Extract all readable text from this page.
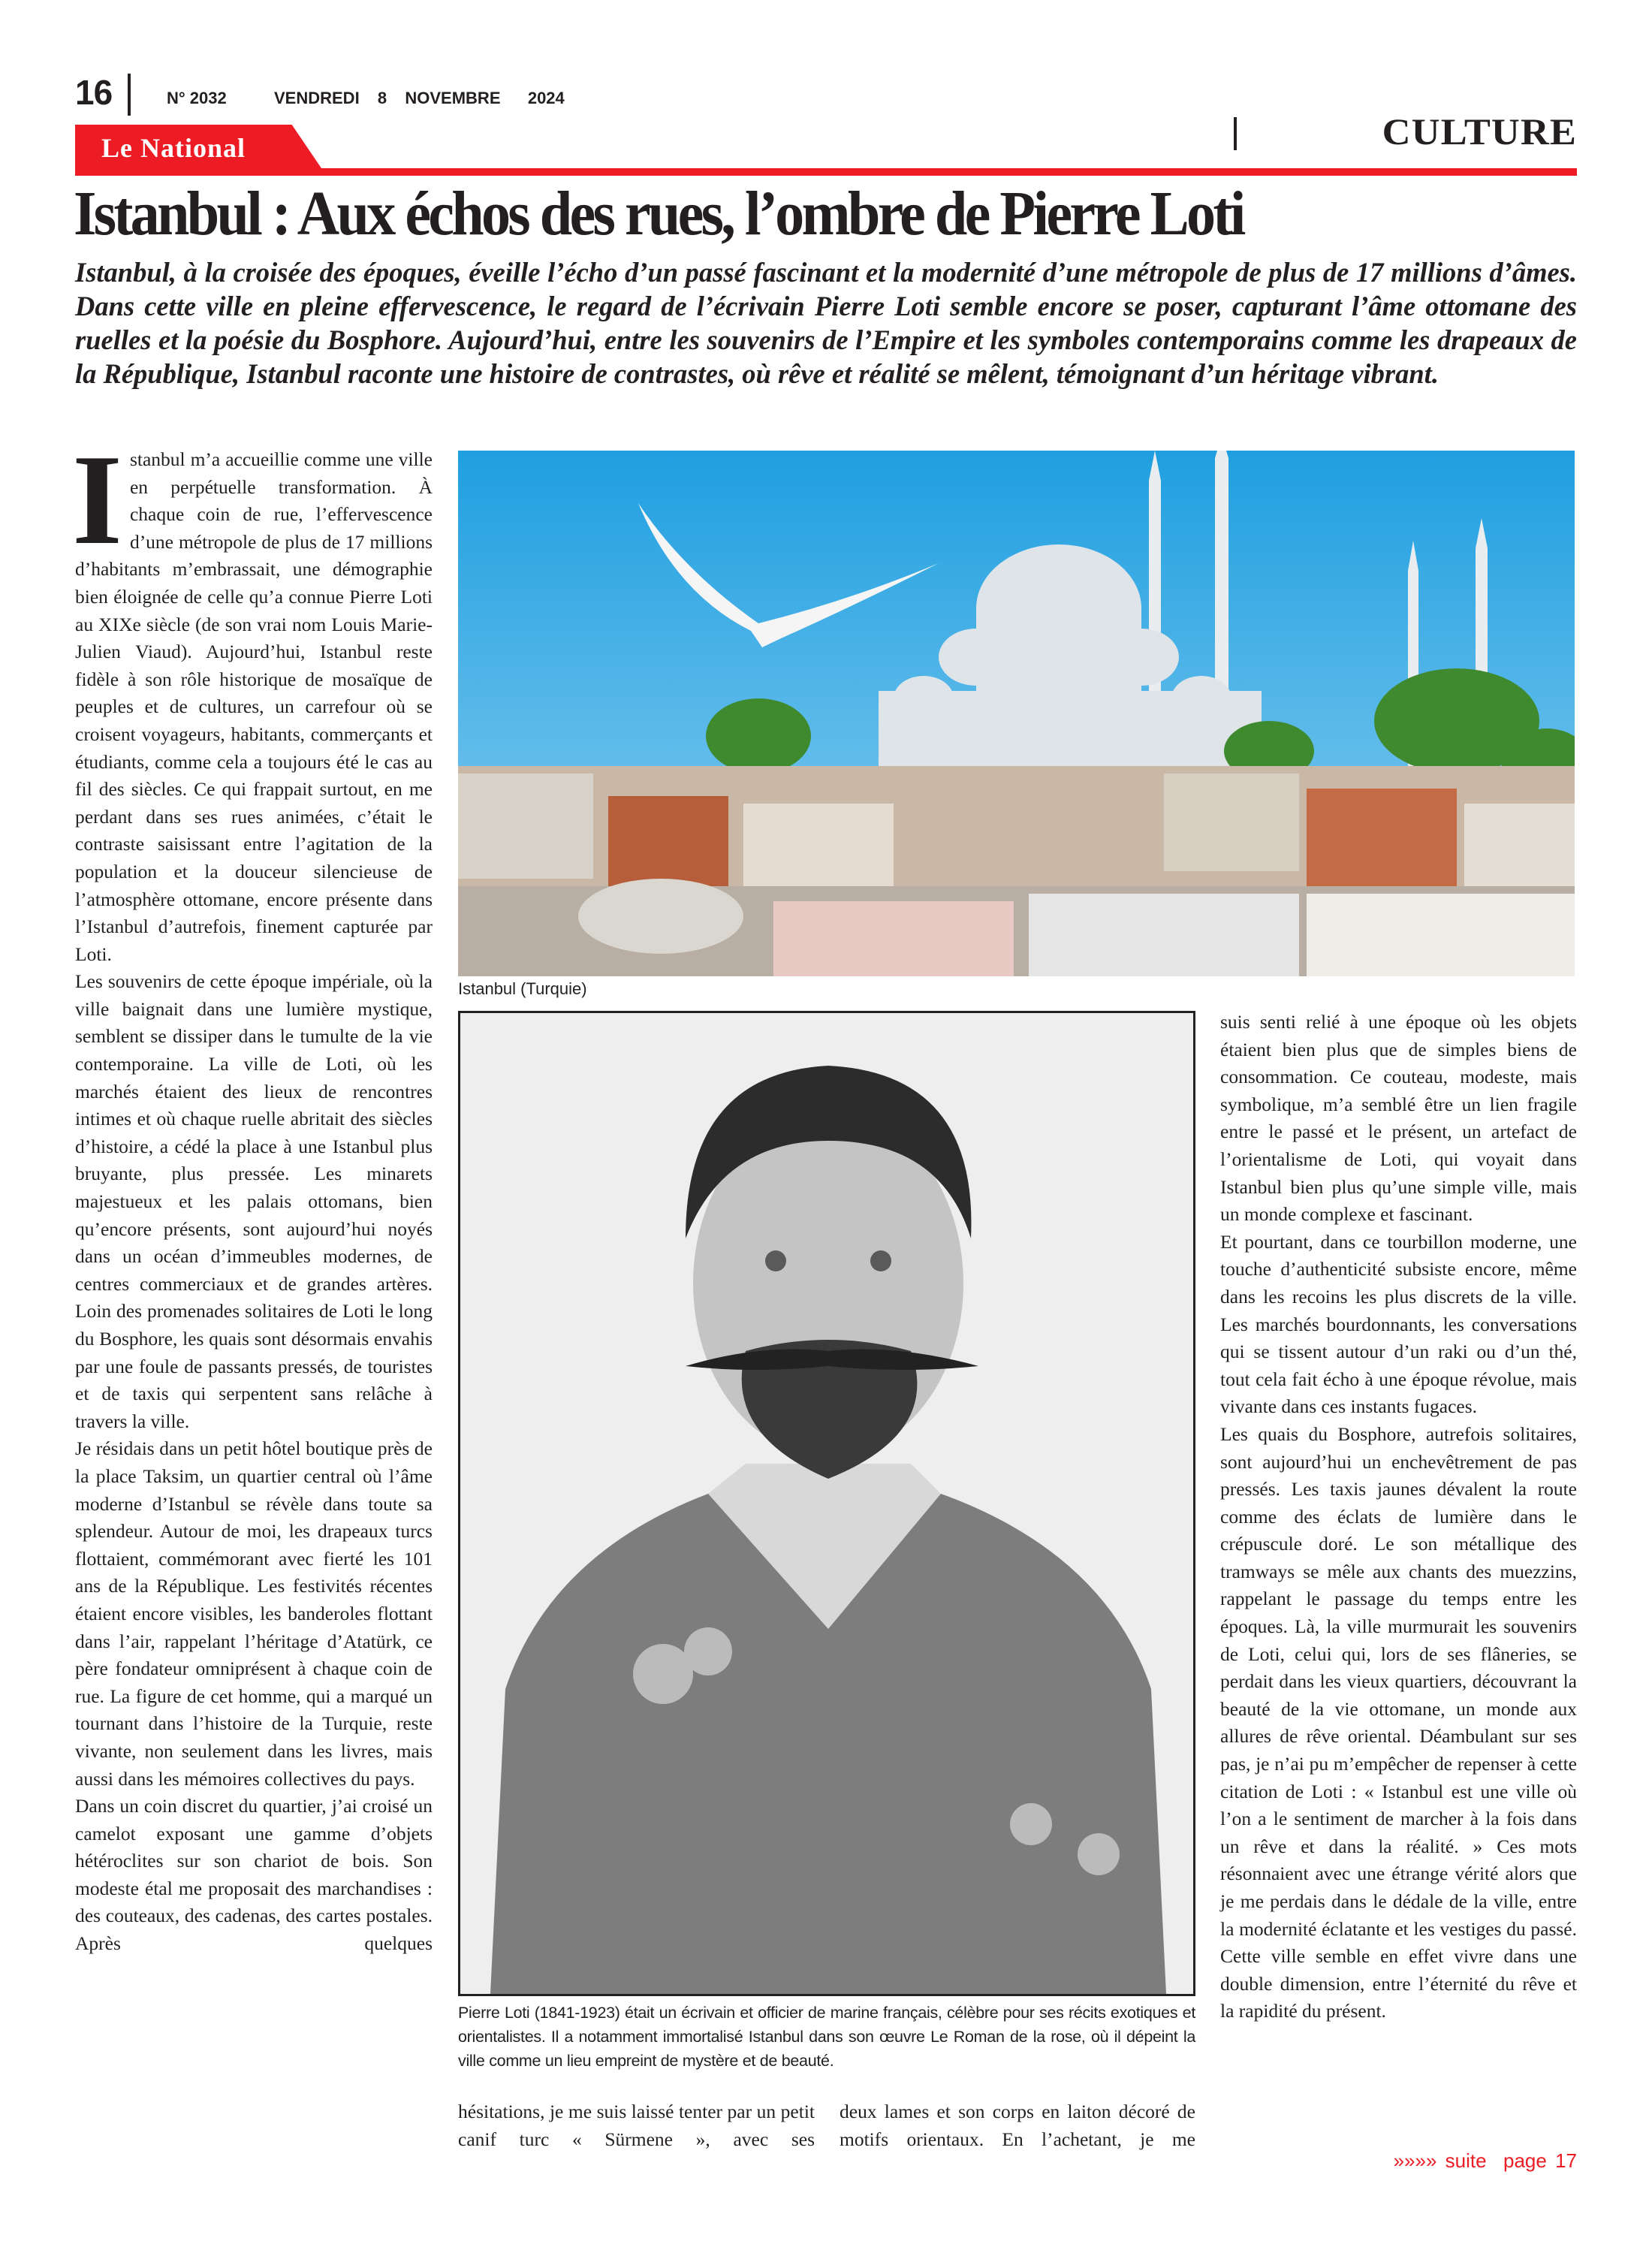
16	N° 2032	VENDREDI  8  NOVEMBRE   2024
Le National	CULTURE
Istanbul : Aux échos des rues, l’ombre de Pierre Loti
Istanbul, à la croisée des époques, éveille l’écho d’un passé fascinant et la modernité d’une métropole de plus de 17 millions d’âmes. Dans cette ville en pleine effervescence, le regard de l’écrivain Pierre Loti semble encore se poser, capturant l’âme ottomane des ruelles et la poésie du Bosphore. Aujourd’hui, entre les souvenirs de l’Empire et les symboles contemporains comme les drapeaux de la République, Istanbul raconte une histoire de contrastes, où rêve et réalité se mêlent, témoignant d’un héritage vibrant.

Istanbul m’a accueillie comme une ville en perpétuelle transformation. À chaque coin de rue, l’effervescence d’une métropole de plus de 17 millions d’habitants m’embrassait, une démographie bien éloignée de celle qu’a connue Pierre Loti au XIXe siècle (de son vrai nom Louis Marie-Julien Viaud). Aujourd’hui, Istanbul reste fidèle à son rôle historique de mosaïque de peuples et de cultures, un carrefour où se croisent voyageurs, habitants, commerçants et étudiants, comme cela a toujours été le cas au fil des siècles. Ce qui frappait surtout, en me perdant dans ses rues animées, c’était le contraste saisissant entre l’agitation de la population et la douceur silencieuse de l’atmosphère ottomane, encore présente dans l’Istanbul d’autrefois, finement capturée par Loti.

Les souvenirs de cette époque impériale, où la ville baignait dans une lumière mystique, semblent se dissiper dans le tumulte de la vie contemporaine. La ville de Loti, où les marchés étaient des lieux de rencontres intimes et où chaque ruelle abritait des siècles d’histoire, a cédé la place à une Istanbul plus bruyante, plus pressée. Les minarets majestueux et les palais ottomans, bien qu’encore présents, sont aujourd’hui noyés dans un océan d’immeubles modernes, de centres commerciaux et de grandes artères. Loin des promenades solitaires de Loti le long du Bosphore, les quais sont désormais envahis par une foule de passants pressés, de touristes et de taxis qui serpentent sans relâche à travers la ville.

Je résidais dans un petit hôtel boutique près de la place Taksim, un quartier central où l’âme moderne d’Istanbul se révèle dans toute sa splendeur. Autour de moi, les drapeaux turcs flottaient, commémorant avec fierté les 101 ans de la République. Les festivités récentes étaient encore visibles, les banderoles flottant dans l’air, rappelant l’héritage d’Atatürk, ce père fondateur omniprésent à chaque coin de rue. La figure de cet homme, qui a marqué un tournant dans l’histoire de la Turquie, reste vivante, non seulement dans les livres, mais aussi dans les mémoires collectives du pays.

Dans un coin discret du quartier, j’ai croisé un camelot exposant une gamme d’objets hétéroclites sur son chariot de bois. Son modeste étal me proposait des marchandises : des couteaux, des cadenas, des cartes postales. Après quelques

Istanbul (Turquie)
Pierre Loti (1841-1923) était un écrivain et officier de marine français, célèbre pour ses récits exotiques et orientalistes. Il a notamment immortalisé Istanbul dans son œuvre Le Roman de la rose, où il dépeint la ville comme un lieu empreint de mystère et de beauté.
hésitations, je me suis laissé tenter par un petit canif turc « Sürmene », avec ses
deux lames et son corps en laiton décoré de motifs orientaux. En l’achetant, je me

suis senti relié à une époque où les objets étaient bien plus que de simples biens de consommation. Ce couteau, modeste, mais symbolique, m’a semblé être un lien fragile entre le passé et le présent, un artefact de l’orientalisme de Loti, qui voyait dans Istanbul bien plus qu’une simple ville, mais un monde complexe et fascinant.

Et pourtant, dans ce tourbillon moderne, une touche d’authenticité subsiste encore, même dans les recoins les plus discrets de la ville. Les marchés bourdonnants, les conversations qui se tissent autour d’un raki ou d’un thé, tout cela fait écho à une époque révolue, mais vivante dans ces instants fugaces.

Les quais du Bosphore, autrefois solitaires, sont aujourd’hui un enchevêtrement de pas pressés. Les taxis jaunes dévalent la route comme des éclats de lumière dans le crépuscule doré. Le son métallique des tramways se mêle aux chants des muezzins, rappelant le passage du temps entre les époques. Là, la ville murmurait les souvenirs de Loti, celui qui, lors de ses flâneries, se perdait dans les vieux quartiers, découvrant la beauté de la vie ottomane, un monde aux allures de rêve oriental. Déambulant sur ses pas, je n’ai pu m’empêcher de repenser à cette citation de Loti : « Istanbul est une ville où l’on a le sentiment de marcher à la fois dans un rêve et dans la réalité. » Ces mots résonnaient avec une étrange vérité alors que je me perdais dans le dédale de la ville, entre la modernité éclatante et les vestiges du passé. Cette ville semble en effet vivre dans une double dimension, entre l’éternité du rêve et la rapidité du présent.

»»»» suite  page 17
